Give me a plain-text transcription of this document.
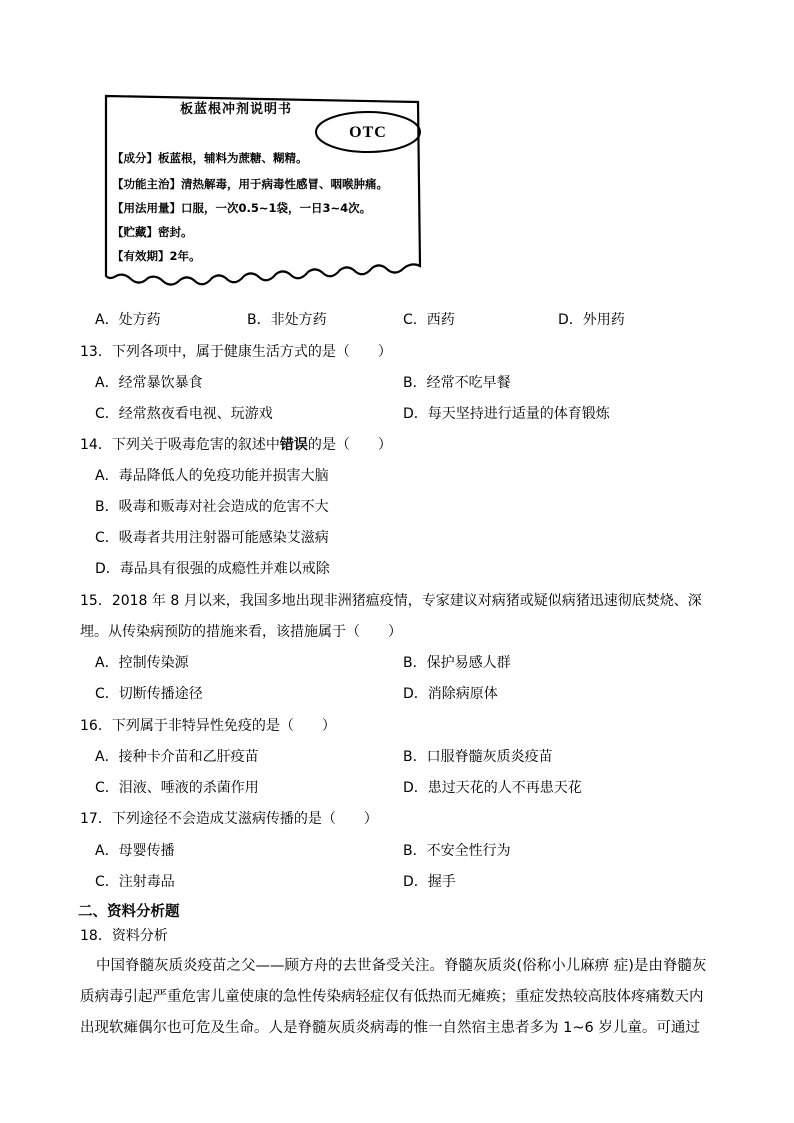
板蓝根冲剂说明书
OTC
【成分】板蓝根，辅料为蔗糖、糊精。
【功能主治】清热解毒，用于病毒性感冒、咽喉肿痛。
【用法用量】口服，一次0.5~1袋，一日3~4次。
【贮藏】密封。
【有效期】2年。
A．处方药	B．非处方药	C．西药	D．外用药
13．下列各项中，属于健康生活方式的是（　　）
A．经常暴饮暴食	B．经常不吃早餐
C．经常熬夜看电视、玩游戏	D．每天坚持进行适量的体育锻炼
14．下列关于吸毒危害的叙述中错误的是（　　）
A．毒品降低人的免疫功能并损害大脑
B．吸毒和贩毒对社会造成的危害不大
C．吸毒者共用注射器可能感染艾滋病
D．毒品具有很强的成瘾性并难以戒除
15．2018 年 8 月以来，我国多地出现非洲猪瘟疫情，专家建议对病猪或疑似病猪迅速彻底焚烧、深
埋。从传染病预防的措施来看，该措施属于（　　）
A．控制传染源	B．保护易感人群
C．切断传播途径	D．消除病原体
16．下列属于非特异性免疫的是（　　）
A．接种卡介苗和乙肝疫苗	B．口服脊髓灰质炎疫苗
C．泪液、唾液的杀菌作用	D．患过天花的人不再患天花
17．下列途径不会造成艾滋病传播的是（　　）
A．母婴传播	B．不安全性行为
C．注射毒品	D．握手
二、资料分析题
18．资料分析
中国脊髓灰质炎疫苗之父——顾方舟的去世备受关注。脊髓灰质炎(俗称小儿麻痹 症)是由脊髓灰
质病毒引起严重危害儿童使康的急性传染病轻症仅有低热而无瘫痪；重症发热较高肢体疼痛数天内
出现软瘫偶尔也可危及生命。人是脊髓灰质炎病毒的惟一自然宿主患者多为 1~6 岁儿童。可通过
